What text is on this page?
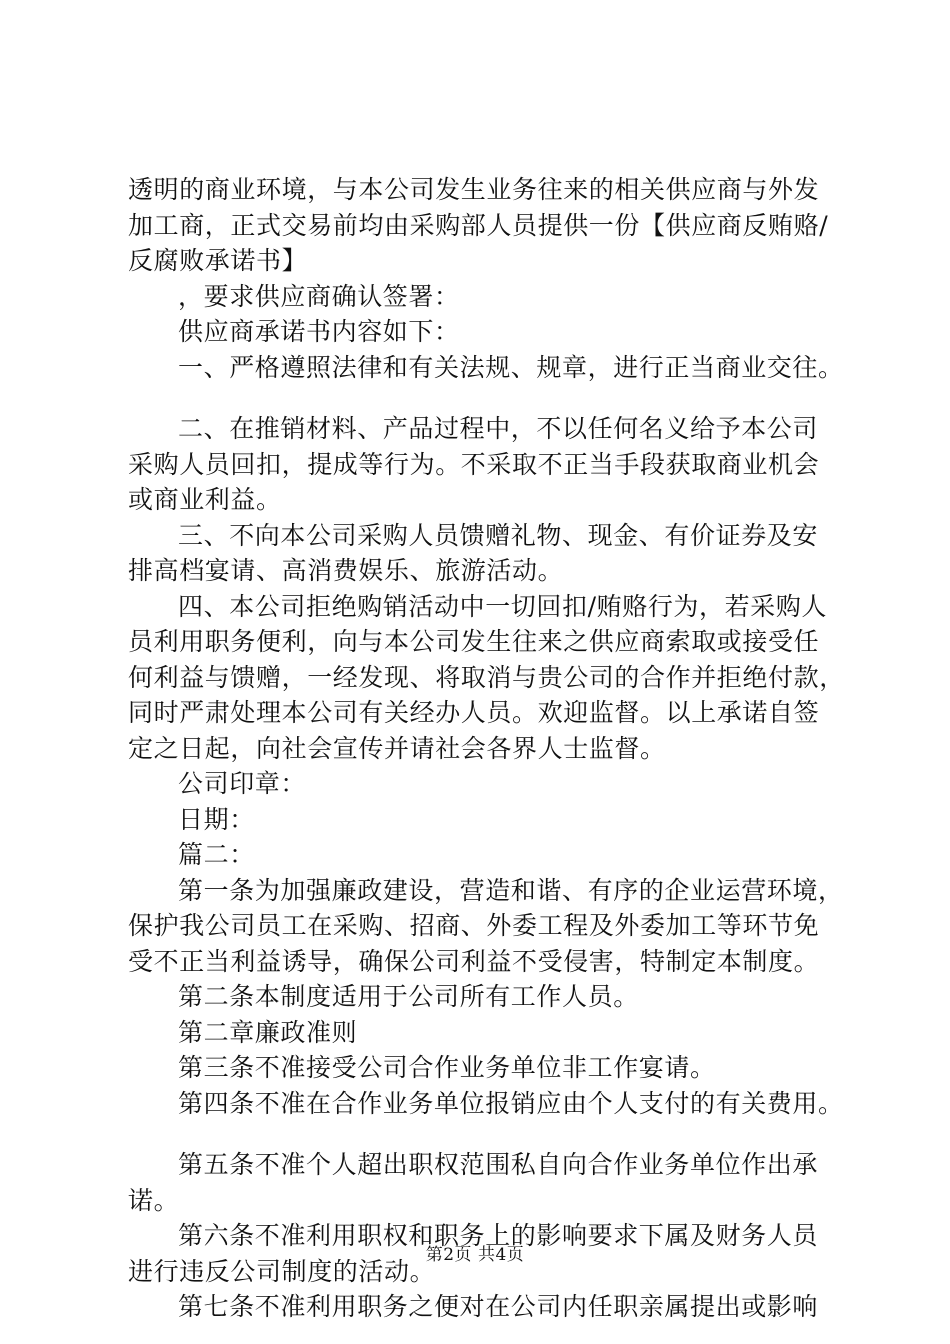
透明的商业环境，与本公司发生业务往来的相关供应商与外发
加工商，正式交易前均由采购部人员提供一份【供应商反贿赂/
反腐败承诺书】
，要求供应商确认签署：
供应商承诺书内容如下：
一、严格遵照法律和有关法规、规章，进行正当商业交往。
二、在推销材料、产品过程中，不以任何名义给予本公司
采购人员回扣，提成等行为。不采取不正当手段获取商业机会
或商业利益。
三、不向本公司采购人员馈赠礼物、现金、有价证券及安
排高档宴请、高消费娱乐、旅游活动。
四、本公司拒绝购销活动中一切回扣/贿赂行为，若采购人
员利用职务便利，向与本公司发生往来之供应商索取或接受任
何利益与馈赠，一经发现、将取消与贵公司的合作并拒绝付款，
同时严肃处理本公司有关经办人员。欢迎监督。以上承诺自签
定之日起，向社会宣传并请社会各界人士监督。
公司印章：
日期：
篇二：
第一条为加强廉政建设，营造和谐、有序的企业运营环境，
保护我公司员工在采购、招商、外委工程及外委加工等环节免
受不正当利益诱导，确保公司利益不受侵害，特制定本制度。
第二条本制度适用于公司所有工作人员。
第二章廉政准则
第三条不准接受公司合作业务单位非工作宴请。
第四条不准在合作业务单位报销应由个人支付的有关费用。
第五条不准个人超出职权范围私自向合作业务单位作出承
诺。
第六条不准利用职权和职务上的影响要求下属及财务人员
进行违反公司制度的活动。
第七条不准利用职务之便对在公司内任职亲属提出或影响
第2页 共4页
